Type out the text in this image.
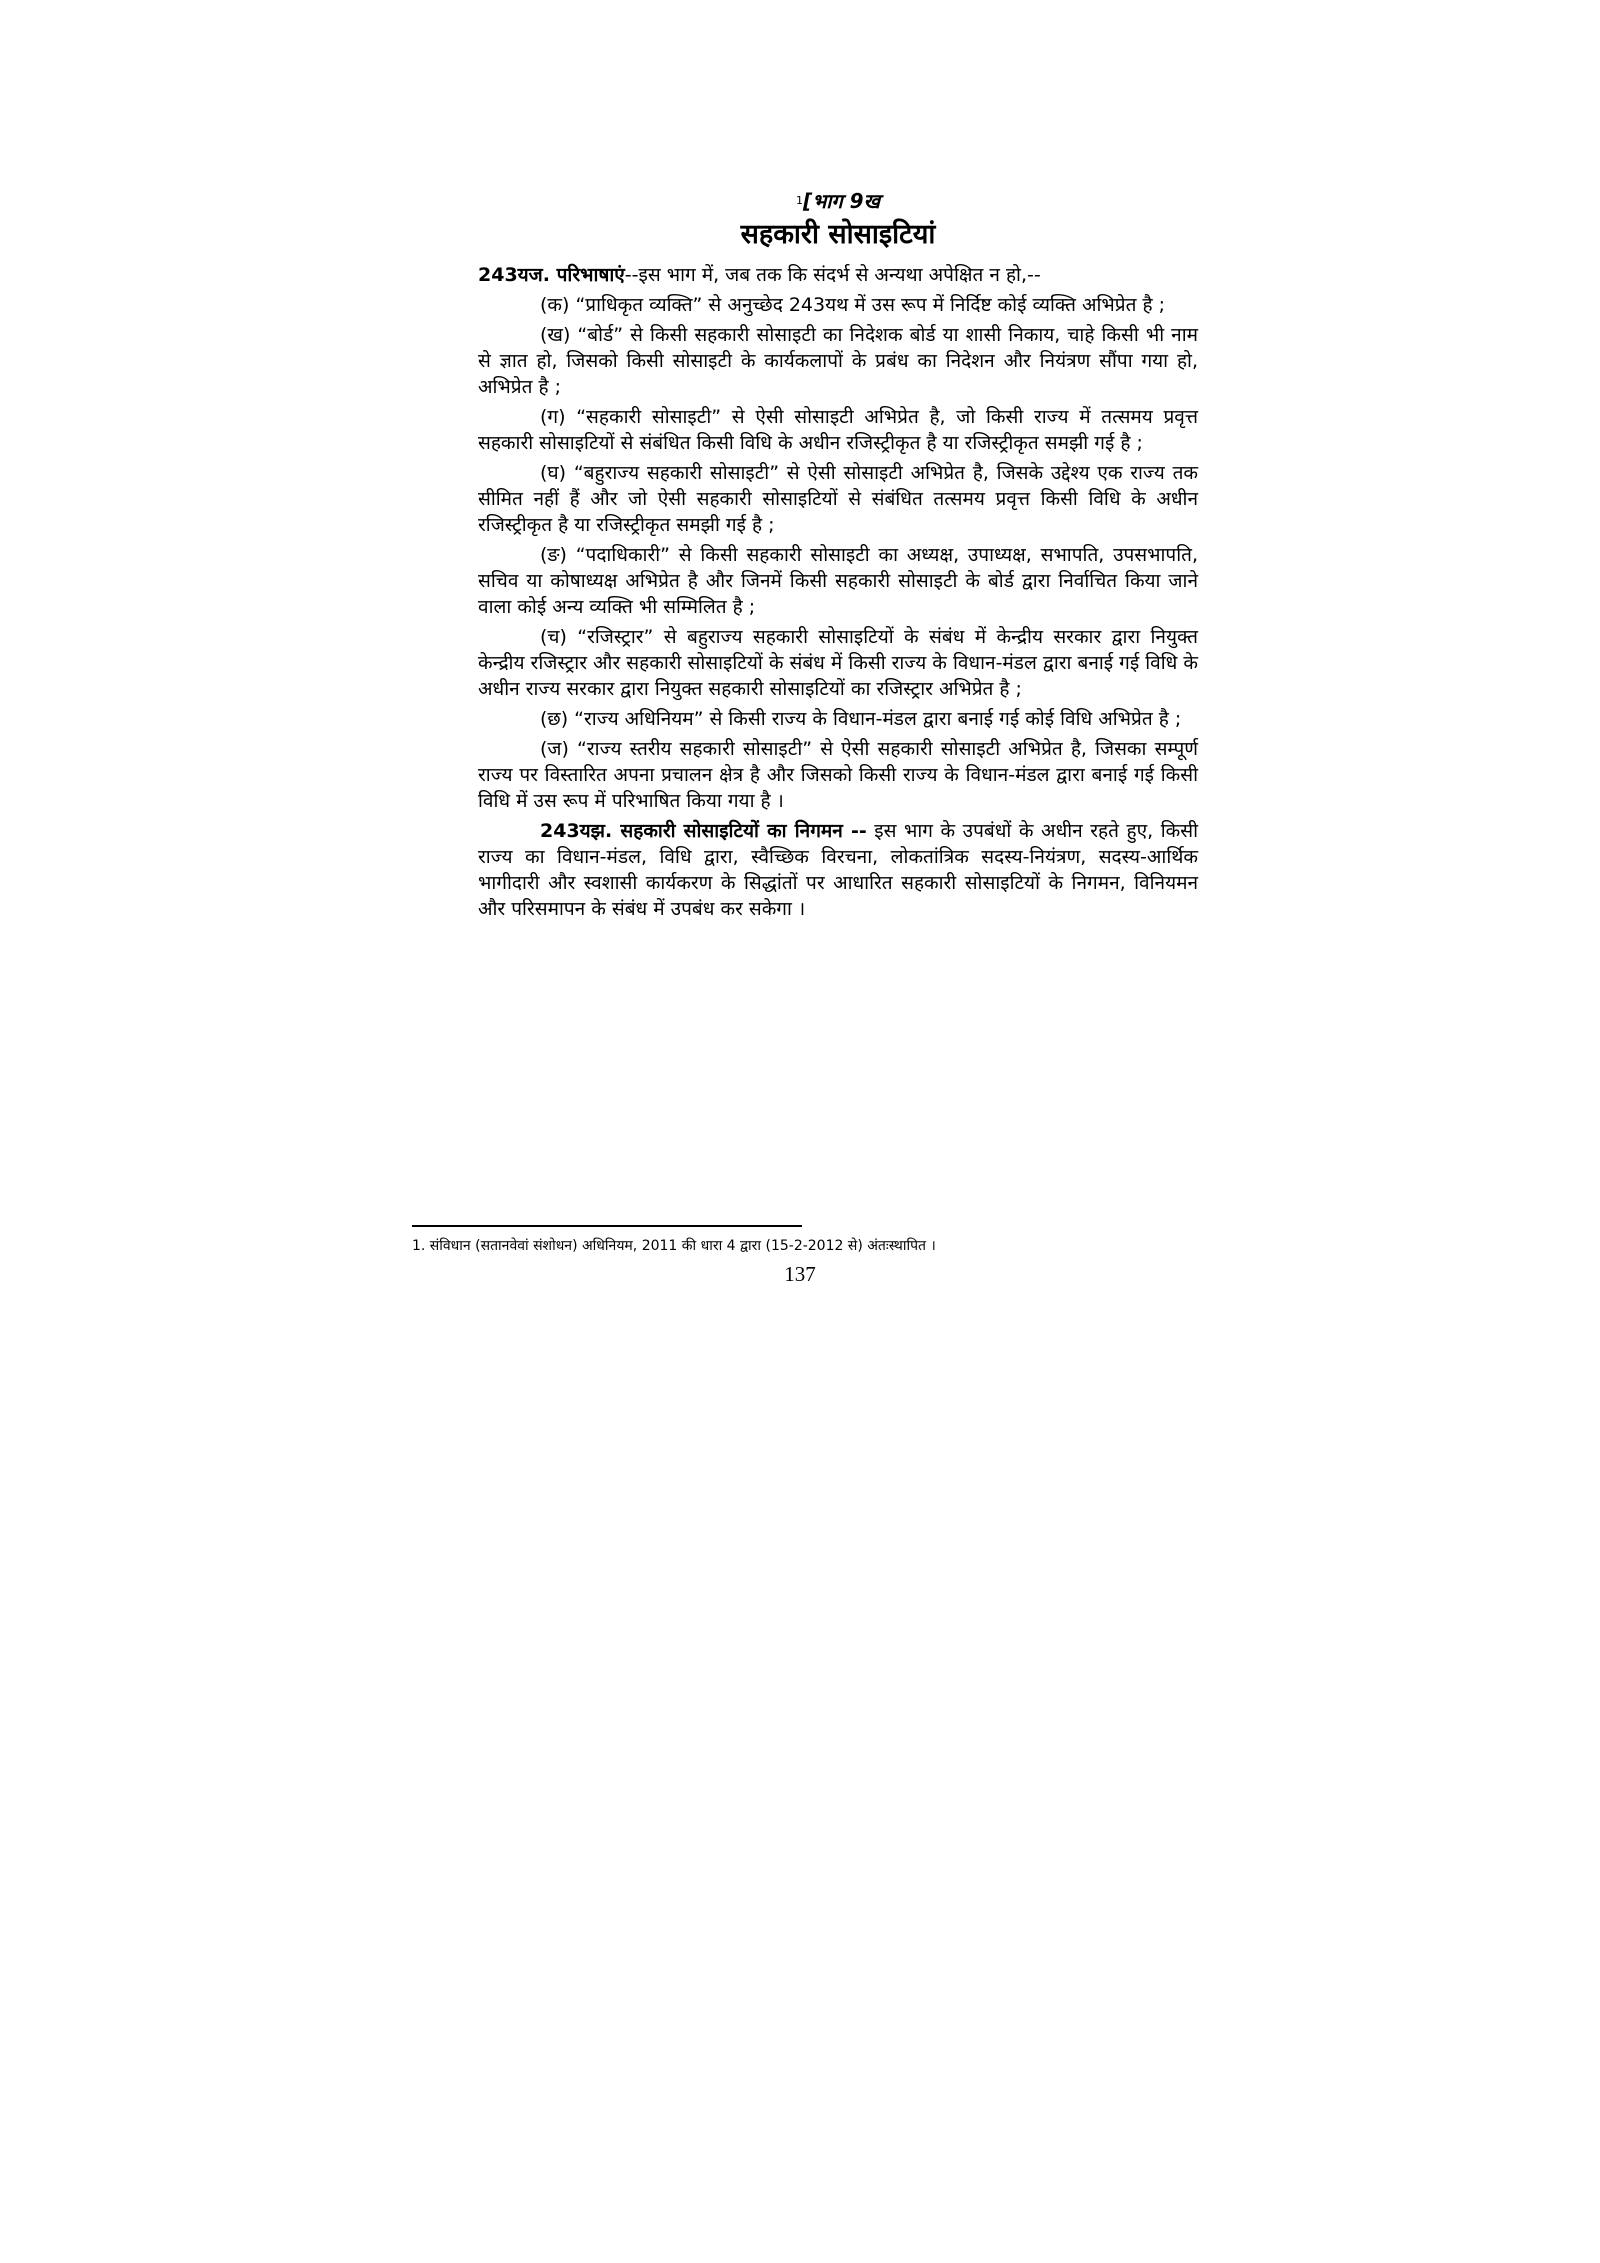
$^1$[भाग 9ख
सहकारी सोसाइटियां

243यज. परिभाषाएं--इस भाग में, जब तक कि संदर्भ से अन्यथा अपेक्षित न हो,--

(क) “प्राधिकृत व्यक्ति” से अनुच्छेद 243यथ में उस रूप में निर्दिष्ट कोई व्यक्ति अभिप्रेत है ;

(ख) “बोर्ड” से किसी सहकारी सोसाइटी का निदेशक बोर्ड या शासी निकाय, चाहे किसी भी नाम से ज्ञात हो, जिसको किसी सोसाइटी के कार्यकलापों के प्रबंध का निदेशन और नियंत्रण सौंपा गया हो, अभिप्रेत है ;

(ग) “सहकारी सोसाइटी” से ऐसी सोसाइटी अभिप्रेत है, जो किसी राज्य में तत्समय प्रवृत्त सहकारी सोसाइटियों से संबंधित किसी विधि के अधीन रजिस्ट्रीकृत है या रजिस्ट्रीकृत समझी गई है ;

(घ) “बहुराज्य सहकारी सोसाइटी” से ऐसी सोसाइटी अभिप्रेत है, जिसके उद्देश्य एक राज्य तक सीमित नहीं हैं और जो ऐसी सहकारी सोसाइटियों से संबंधित तत्समय प्रवृत्त किसी विधि के अधीन रजिस्ट्रीकृत है या रजिस्ट्रीकृत समझी गई है ;

(ङ) “पदाधिकारी” से किसी सहकारी सोसाइटी का अध्यक्ष, उपाध्यक्ष, सभापति, उपसभापति, सचिव या कोषाध्यक्ष अभिप्रेत है और जिनमें किसी सहकारी सोसाइटी के बोर्ड द्वारा निर्वाचित किया जाने वाला कोई अन्य व्यक्ति भी सम्मिलित है ;

(च) “रजिस्ट्रार” से बहुराज्य सहकारी सोसाइटियों के संबंध में केन्द्रीय सरकार द्वारा नियुक्त केन्द्रीय रजिस्ट्रार और सहकारी सोसाइटियों के संबंध में किसी राज्य के विधान-मंडल द्वारा बनाई गई विधि के अधीन राज्य सरकार द्वारा नियुक्त सहकारी सोसाइटियों का रजिस्ट्रार अभिप्रेत है ;

(छ) “राज्य अधिनियम” से किसी राज्य के विधान-मंडल द्वारा बनाई गई कोई विधि अभिप्रेत है ;

(ज) “राज्य स्तरीय सहकारी सोसाइटी” से ऐसी सहकारी सोसाइटी अभिप्रेत है, जिसका सम्पूर्ण राज्य पर विस्तारित अपना प्रचालन क्षेत्र है और जिसको किसी राज्य के विधान-मंडल द्वारा बनाई गई किसी विधि में उस रूप में परिभाषित किया गया है ।

243यझ. सहकारी सोसाइटियों का निगमन -- इस भाग के उपबंधों के अधीन रहते हुए, किसी राज्य का विधान-मंडल, विधि द्वारा, स्वैच्छिक विरचना, लोकतांत्रिक सदस्य-नियंत्रण, सदस्य-आर्थिक भागीदारी और स्वशासी कार्यकरण के सिद्धांतों पर आधारित सहकारी सोसाइटियों के निगमन, विनियमन और परिसमापन के संबंध में उपबंध कर सकेगा ।

1. संविधान (सतानवेवां संशोधन) अधिनियम, 2011 की धारा 4 द्वारा (15-2-2012 से) अंतःस्थापित ।
137
